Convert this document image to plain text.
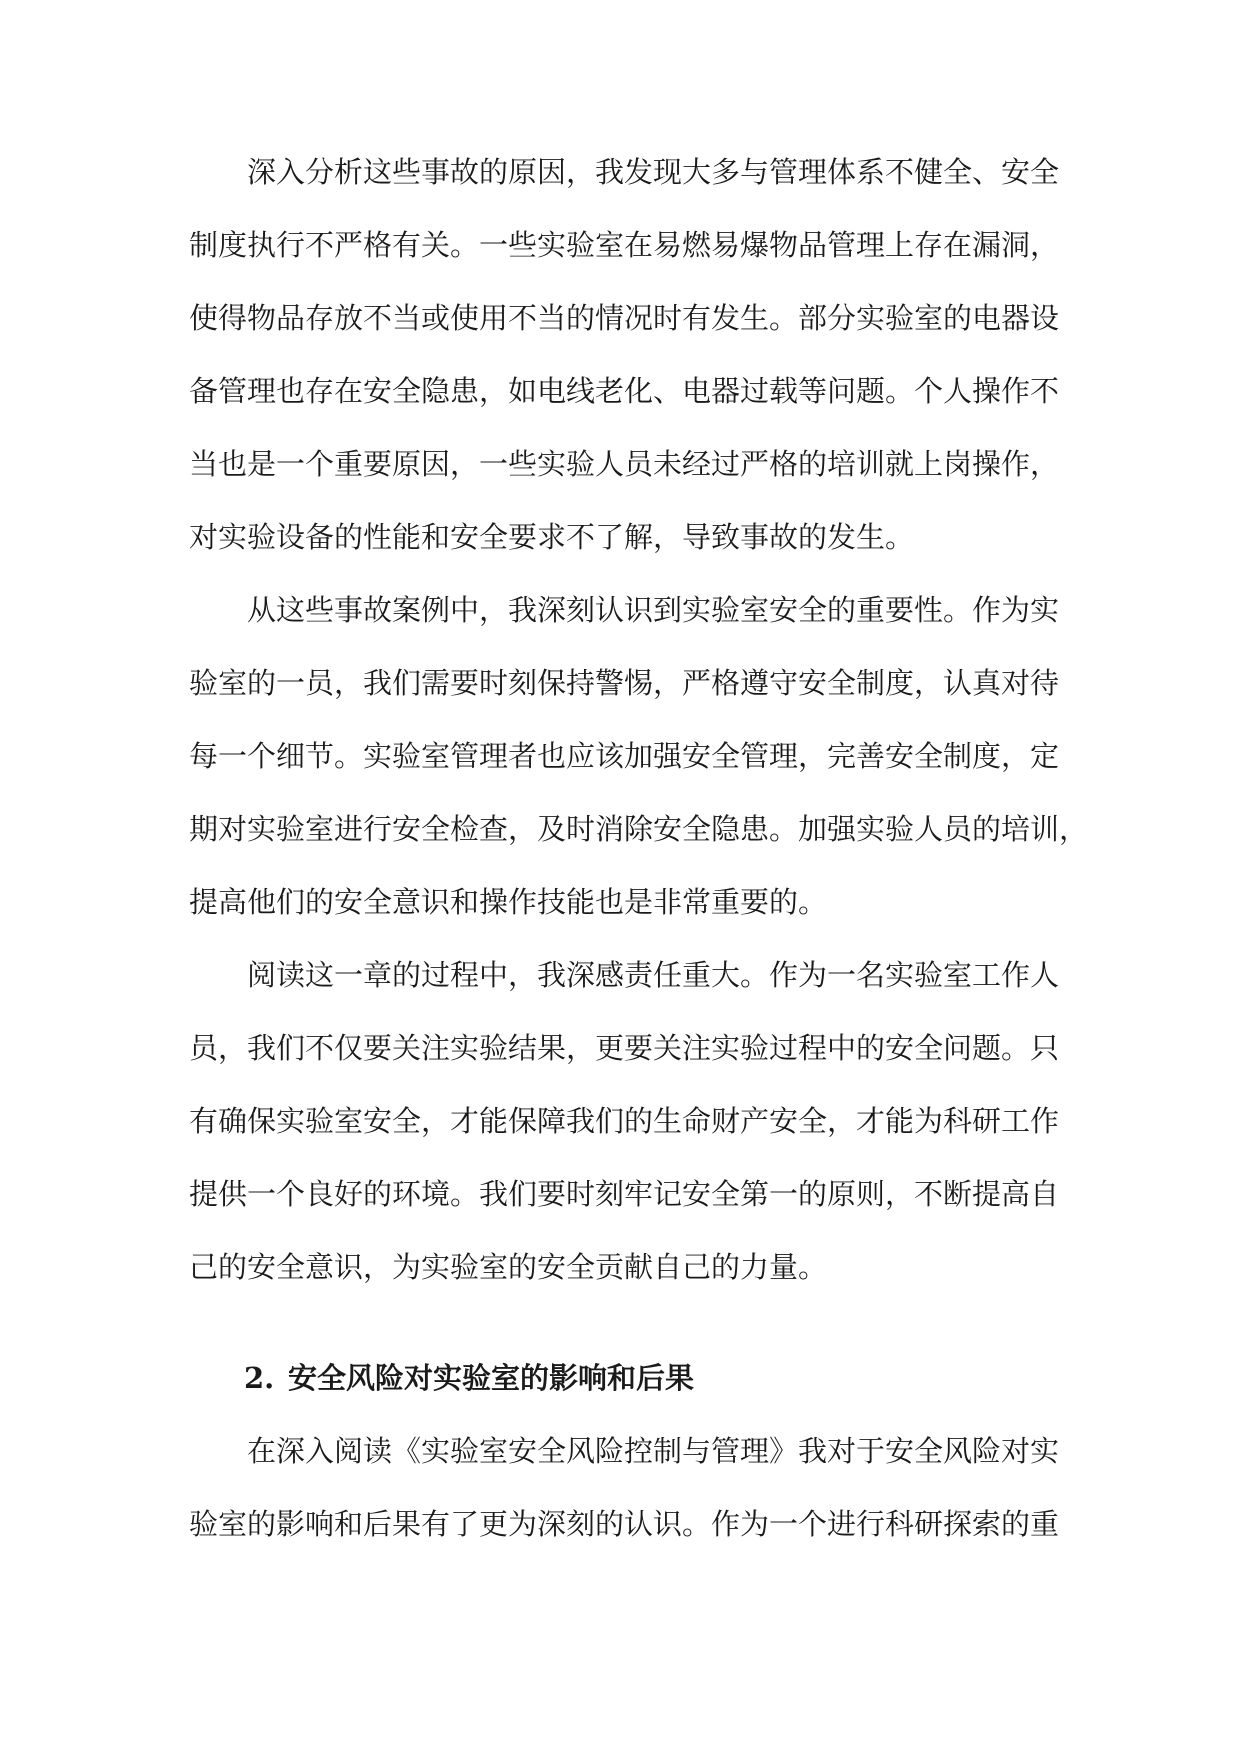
深入分析这些事故的原因，我发现大多与管理体系不健全、安全
制度执行不严格有关。一些实验室在易燃易爆物品管理上存在漏洞，
使得物品存放不当或使用不当的情况时有发生。部分实验室的电器设
备管理也存在安全隐患，如电线老化、电器过载等问题。个人操作不
当也是一个重要原因，一些实验人员未经过严格的培训就上岗操作，
对实验设备的性能和安全要求不了解，导致事故的发生。
从这些事故案例中，我深刻认识到实验室安全的重要性。作为实
验室的一员，我们需要时刻保持警惕，严格遵守安全制度，认真对待
每一个细节。实验室管理者也应该加强安全管理，完善安全制度，定
期对实验室进行安全检查，及时消除安全隐患。加强实验人员的培训，
提高他们的安全意识和操作技能也是非常重要的。
阅读这一章的过程中，我深感责任重大。作为一名实验室工作人
员，我们不仅要关注实验结果，更要关注实验过程中的安全问题。只
有确保实验室安全，才能保障我们的生命财产安全，才能为科研工作
提供一个良好的环境。我们要时刻牢记安全第一的原则，不断提高自
己的安全意识，为实验室的安全贡献自己的力量。
2. 安全风险对实验室的影响和后果
在深入阅读《实验室安全风险控制与管理》我对于安全风险对实
验室的影响和后果有了更为深刻的认识。作为一个进行科研探索的重
